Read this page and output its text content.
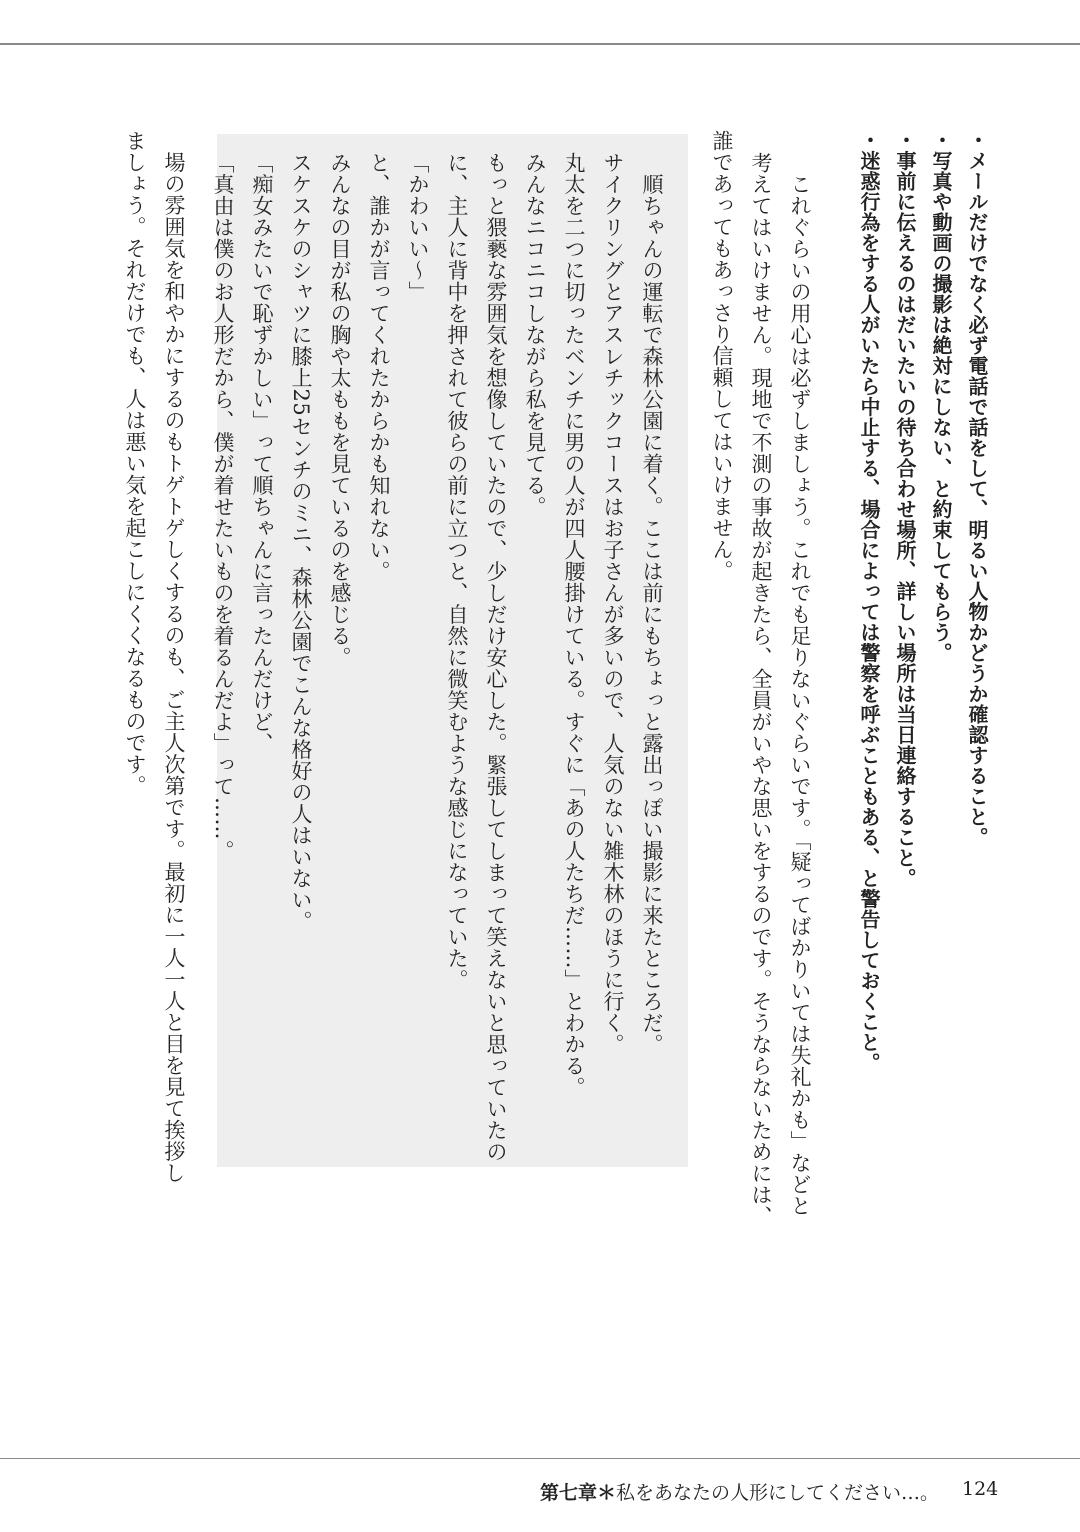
・メールだけでなく必ず電話で話をして、明るい人物かどうか確認すること。
・写真や動画の撮影は絶対にしない、と約束してもらう。
・事前に伝えるのはだいたいの待ち合わせ場所、詳しい場所は当日連絡すること。
・迷惑行為をする人がいたら中止する、場合によっては警察を呼ぶこともある、と警告しておくこと。
　これぐらいの用心は必ずしましょう。これでも足りないぐらいです。「疑ってばかりいては失礼かも」などと
考えてはいけません。現地で不測の事故が起きたら、全員がいやな思いをするのです。そうならないためには、
誰であってもあっさり信頼してはいけません。
　順ちゃんの運転で森林公園に着く。ここは前にもちょっと露出っぽい撮影に来たところだ。
サイクリングとアスレチックコースはお子さんが多いので、人気のない雑木林のほうに行く。
丸太を二つに切ったベンチに男の人が四人腰掛けている。すぐに「あの人たちだ……」とわかる。
みんなニコニコしながら私を見てる。
もっと猥褻な雰囲気を想像していたので、少しだけ安心した。緊張してしまって笑えないと思っていたの
に、主人に背中を押されて彼らの前に立つと、自然に微笑むような感じになっていた。
「かわいい〜」
と、誰かが言ってくれたからかも知れない。
みんなの目が私の胸や太ももを見ているのを感じる。
スケスケのシャツに膝上25センチのミニ、森林公園でこんな格好の人はいない。
「痴女みたいで恥ずかしい」って順ちゃんに言ったんだけど、
「真由は僕のお人形だから、僕が着せたいものを着るんだよ」って……。
　場の雰囲気を和やかにするのもトゲトゲしくするのも、ご主人次第です。最初に一人一人と目を見て挨拶し
ましょう。それだけでも、人は悪い気を起こしにくくなるものです。
第七章＊私をあなたの人形にしてください…。 124
